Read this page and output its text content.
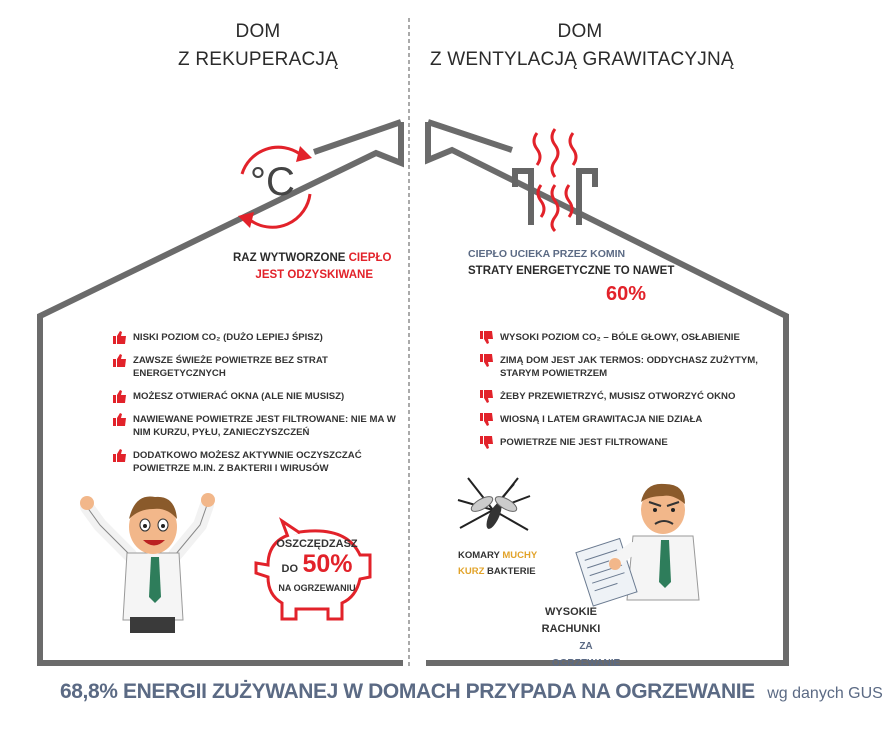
DOM
Z REKUPERACJĄ
DOM
Z WENTYLACJĄ GRAWITACYJNĄ
°C
RAZ WYTWORZONE CIEPŁO
JEST ODZYSKIWANE
NISKI POZIOM CO₂ (DUŻO LEPIEJ ŚPISZ)
ZAWSZE ŚWIEŻE POWIETRZE BEZ STRAT ENERGETYCZNYCH
MOŻESZ OTWIERAĆ OKNA (ALE NIE MUSISZ)
NAWIEWANE POWIETRZE JEST FILTROWANE: NIE MA W NIM KURZU, PYŁU, ZANIECZYSZCZEŃ
DODATKOWO MOŻESZ AKTYWNIE OCZYSZCZAĆ POWIETRZE M.IN. Z BAKTERII I WIRUSÓW
OSZCZĘDZASZ
DO 50%
NA OGRZEWANIU
CIEPŁO UCIEKA PRZEZ KOMIN
STRATY ENERGETYCZNE TO NAWET
60%
WYSOKI POZIOM CO₂ – BÓLE GŁOWY, OSŁABIENIE
ZIMĄ DOM JEST JAK TERMOS: ODDYCHASZ ZUŻYTYM, STARYM POWIETRZEM
ŻEBY PRZEWIETRZYĆ, MUSISZ OTWORZYĆ OKNO
WIOSNĄ I LATEM GRAWITACJA NIE DZIAŁA
POWIETRZE NIE JEST FILTROWANE
KOMARY MUCHY
KURZ BAKTERIE
WYSOKIE RACHUNKI
ZA OGRZEWANIE
68,8% ENERGII ZUŻYWANEJ W DOMACH PRZYPADA NA OGRZEWANIE wg danych GUS
